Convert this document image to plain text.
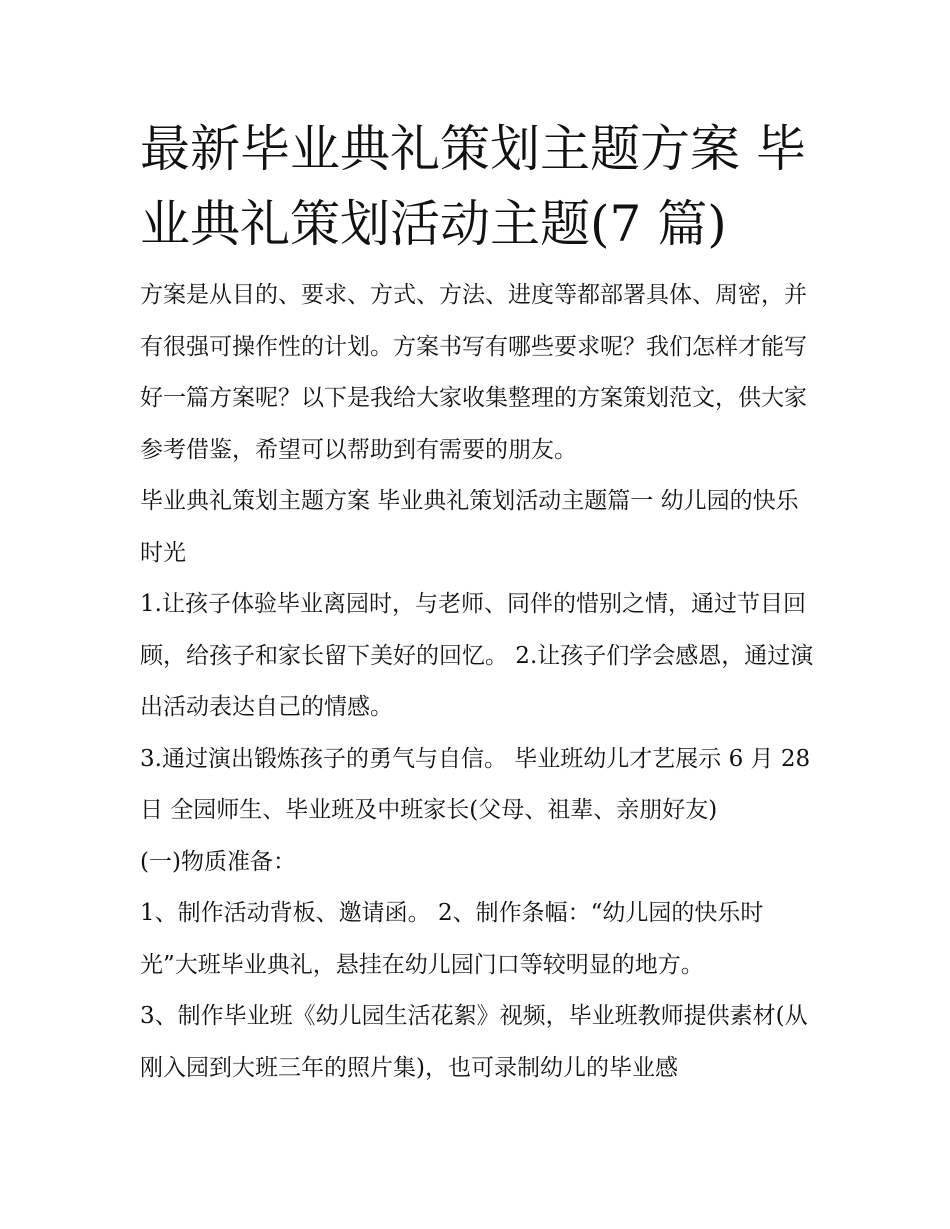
最新毕业典礼策划主题方案 毕业典礼策划活动主题(7 篇)

方案是从目的、要求、方式、方法、进度等都部署具体、周密，并有很强可操作性的计划。方案书写有哪些要求呢？我们怎样才能写好一篇方案呢？以下是我给大家收集整理的方案策划范文，供大家参考借鉴，希望可以帮助到有需要的朋友。

毕业典礼策划主题方案 毕业典礼策划活动主题篇一 幼儿园的快乐时光

1.让孩子体验毕业离园时，与老师、同伴的惜别之情，通过节目回顾，给孩子和家长留下美好的回忆。 2.让孩子们学会感恩，通过演出活动表达自己的情感。

3.通过演出锻炼孩子的勇气与自信。 毕业班幼儿才艺展示 6 月 28 日 全园师生、毕业班及中班家长(父母、祖辈、亲朋好友)

(一)物质准备：

1、制作活动背板、邀请函。 2、制作条幅：“幼儿园的快乐时光”大班毕业典礼，悬挂在幼儿园门口等较明显的地方。

3、制作毕业班《幼儿园生活花絮》视频，毕业班教师提供素材(从刚入园到大班三年的照片集)，也可录制幼儿的毕业感
